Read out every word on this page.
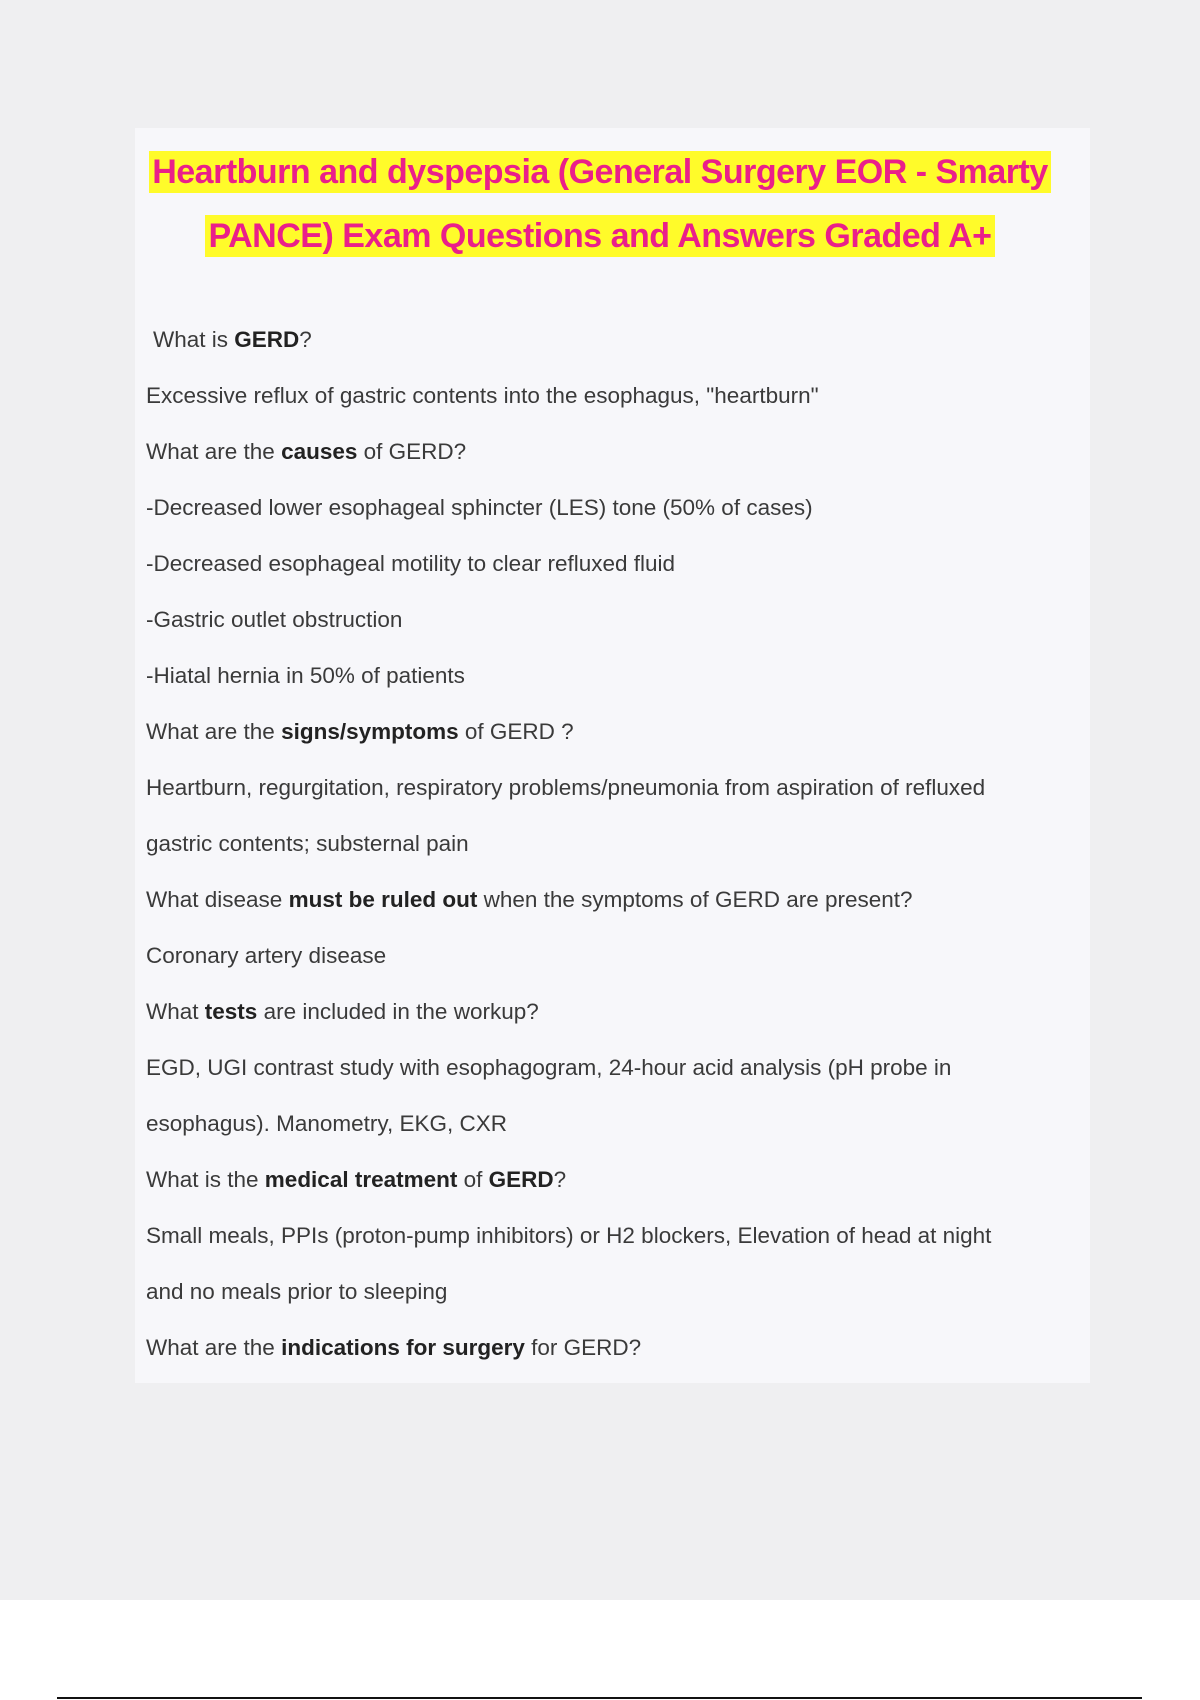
Heartburn and dyspepsia (General Surgery EOR - Smarty
PANCE) Exam Questions and Answers Graded A+
What is GERD?
Excessive reflux of gastric contents into the esophagus, "heartburn"
What are the causes of GERD?
-Decreased lower esophageal sphincter (LES) tone (50% of cases)
-Decreased esophageal motility to clear refluxed fluid
-Gastric outlet obstruction
-Hiatal hernia in 50% of patients
What are the signs/symptoms of GERD ?
Heartburn, regurgitation, respiratory problems/pneumonia from aspiration of refluxed
gastric contents; substernal pain
What disease must be ruled out when the symptoms of GERD are present?
Coronary artery disease
What tests are included in the workup?
EGD, UGI contrast study with esophagogram, 24-hour acid analysis (pH probe in
esophagus). Manometry, EKG, CXR
What is the medical treatment of GERD?
Small meals, PPIs (proton-pump inhibitors) or H2 blockers, Elevation of head at night
and no meals prior to sleeping
What are the indications for surgery for GERD?
